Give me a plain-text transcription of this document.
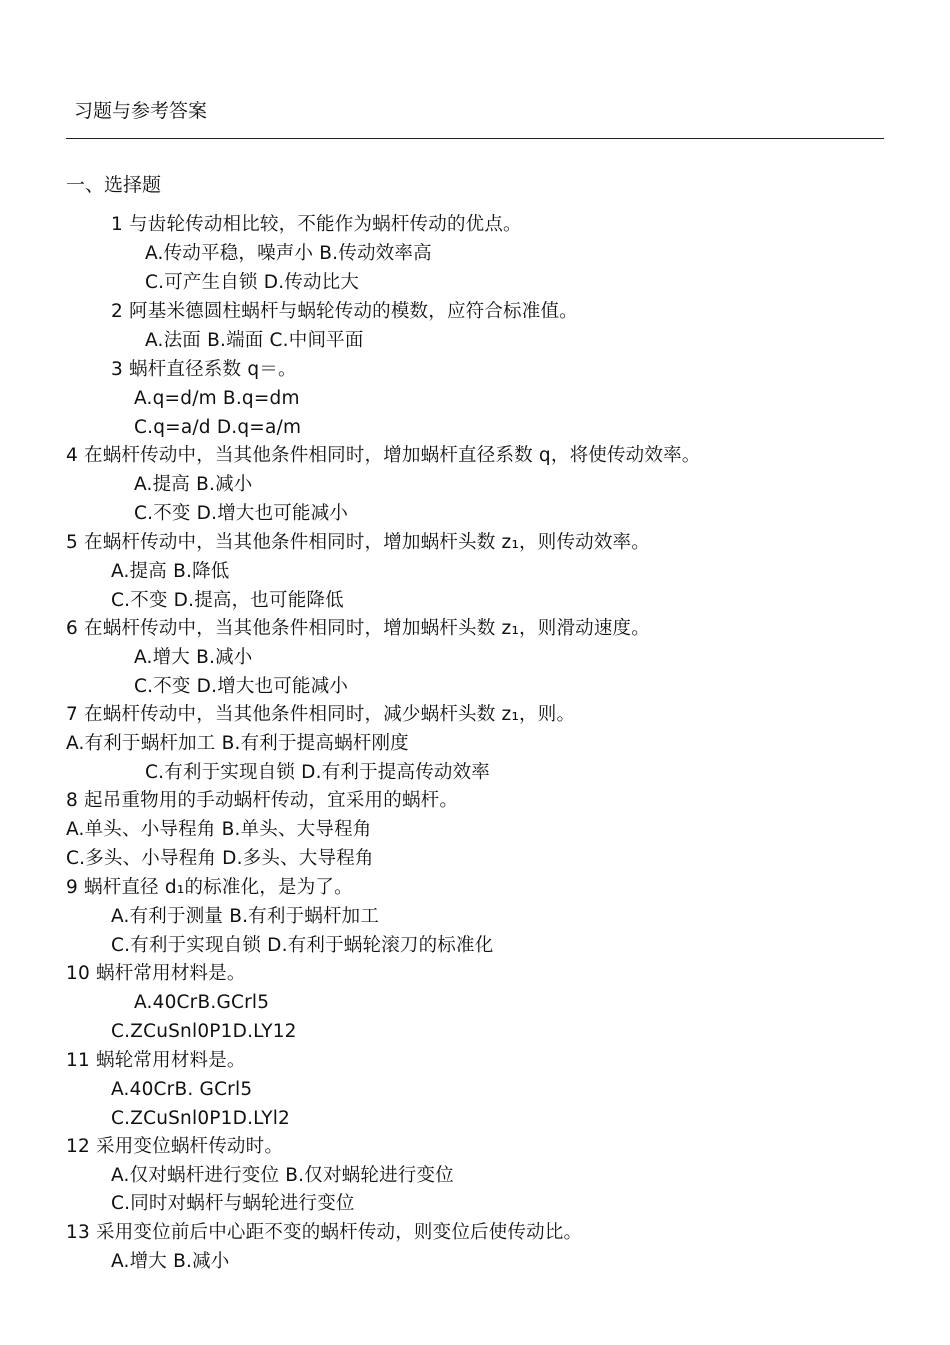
习题与参考答案
一、选择题
1 与齿轮传动相比较，不能作为蜗杆传动的优点。
A.传动平稳，噪声小 B.传动效率高
C.可产生自锁 D.传动比大
2 阿基米德圆柱蜗杆与蜗轮传动的模数，应符合标准值。
A.法面 B.端面 C.中间平面
3 蜗杆直径系数 q＝。
A.q=d/m B.q=dm
C.q=a/d D.q=a/m
4 在蜗杆传动中，当其他条件相同时，增加蜗杆直径系数 q，将使传动效率。
A.提高 B.减小
C.不变 D.增大也可能减小
5 在蜗杆传动中，当其他条件相同时，增加蜗杆头数 z₁，则传动效率。
A.提高 B.降低
C.不变 D.提高，也可能降低
6 在蜗杆传动中，当其他条件相同时，增加蜗杆头数 z₁，则滑动速度。
A.增大 B.减小
C.不变 D.增大也可能减小
7 在蜗杆传动中，当其他条件相同时，减少蜗杆头数 z₁，则。
A.有利于蜗杆加工 B.有利于提高蜗杆刚度
C.有利于实现自锁 D.有利于提高传动效率
8 起吊重物用的手动蜗杆传动，宜采用的蜗杆。
A.单头、小导程角 B.单头、大导程角
C.多头、小导程角 D.多头、大导程角
9 蜗杆直径 d₁的标准化，是为了。
A.有利于测量 B.有利于蜗杆加工
C.有利于实现自锁 D.有利于蜗轮滚刀的标准化
10 蜗杆常用材料是。
A.40CrB.GCrl5
C.ZCuSnl0P1D.LY12
11 蜗轮常用材料是。
A.40CrB. GCrl5
C.ZCuSnl0P1D.LYl2
12 采用变位蜗杆传动时。
A.仅对蜗杆进行变位 B.仅对蜗轮进行变位
C.同时对蜗杆与蜗轮进行变位
13 采用变位前后中心距不变的蜗杆传动，则变位后使传动比。
A.增大 B.减小
